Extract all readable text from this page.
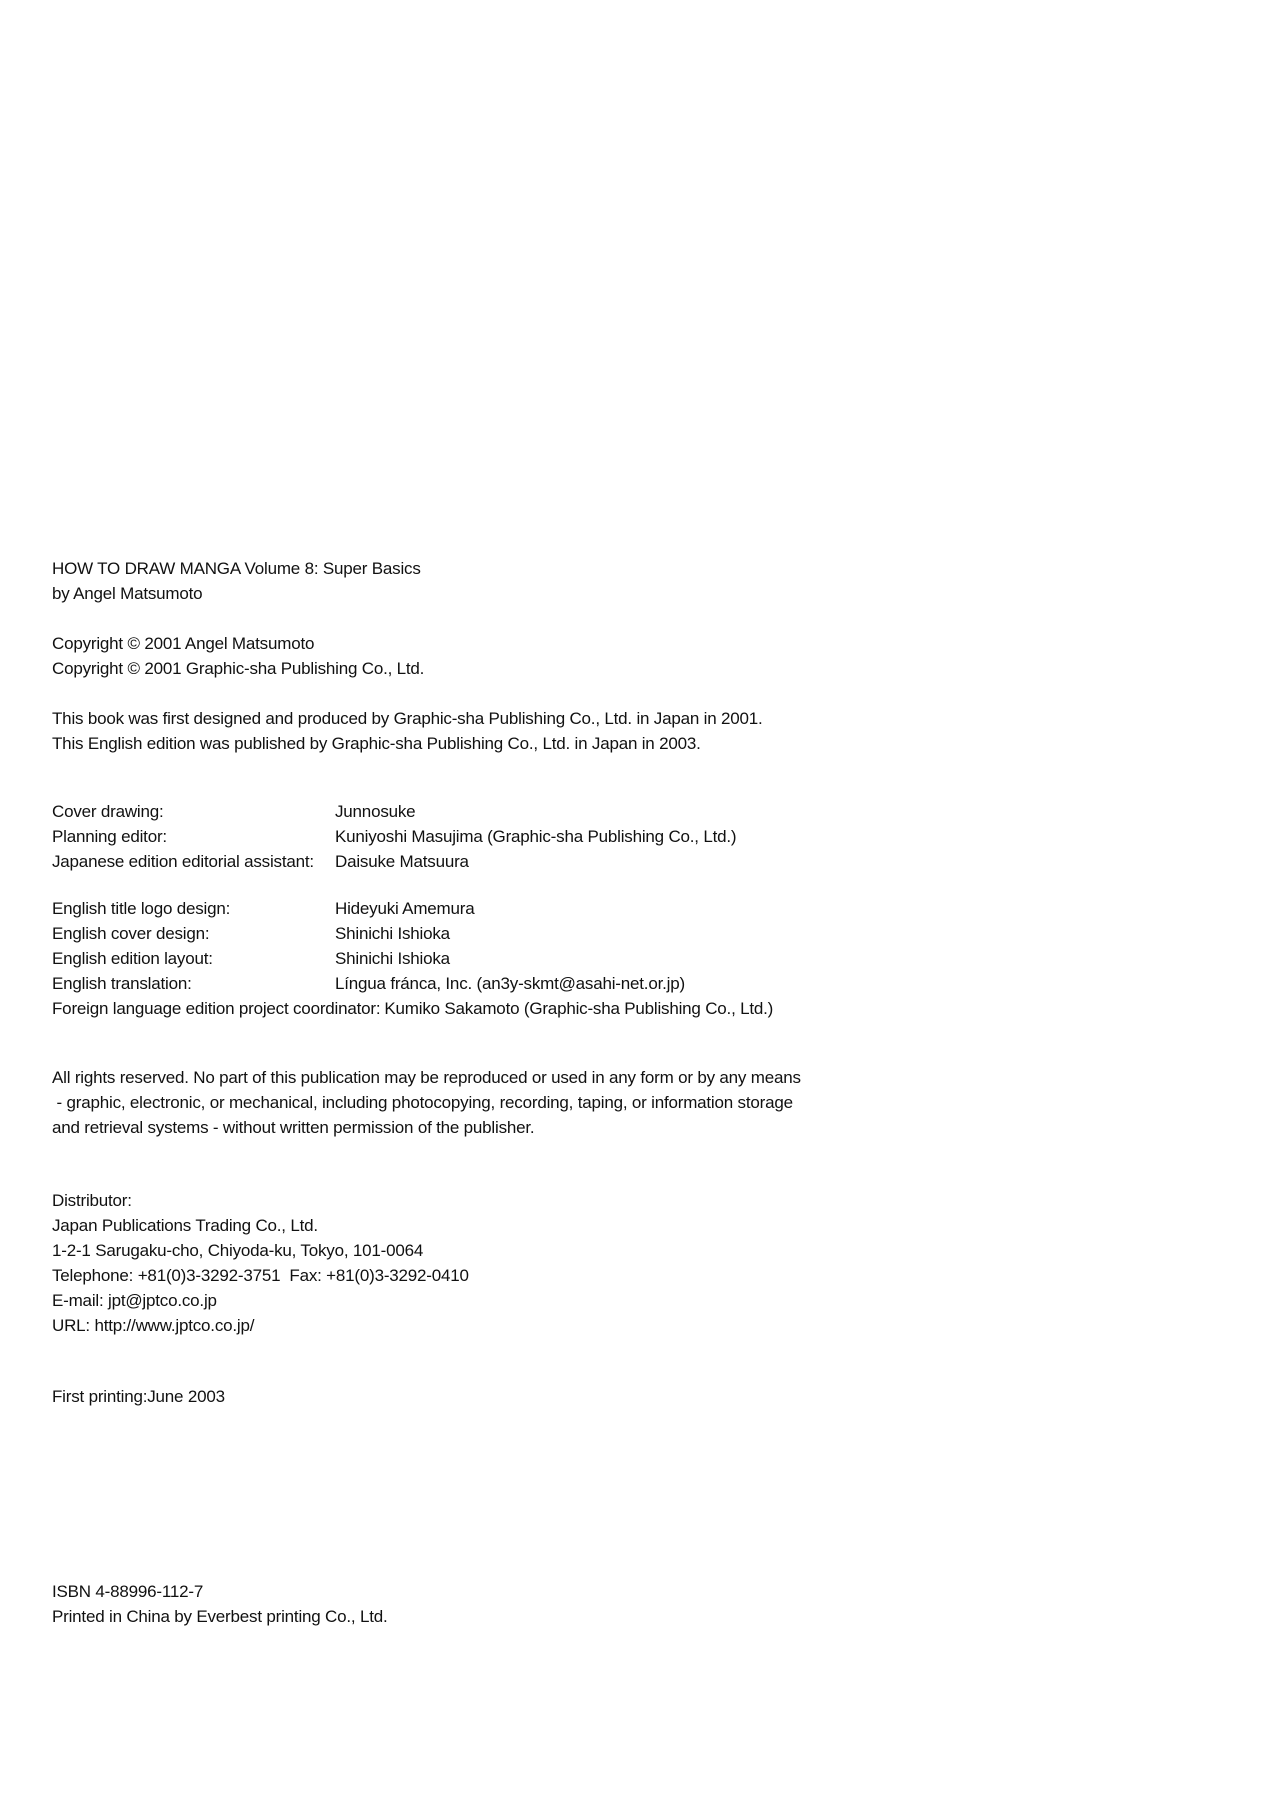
HOW TO DRAW MANGA Volume 8: Super Basics
by Angel Matsumoto
Copyright © 2001 Angel Matsumoto
Copyright © 2001 Graphic-sha Publishing Co., Ltd.
This book was first designed and produced by Graphic-sha Publishing Co., Ltd. in Japan in 2001.
This English edition was published by Graphic-sha Publishing Co., Ltd. in Japan in 2003.
Cover drawing:	Junnosuke
Planning editor:	Kuniyoshi Masujima (Graphic-sha Publishing Co., Ltd.)
Japanese edition editorial assistant:	Daisuke Matsuura
English title logo design:	Hideyuki Amemura
English cover design:	Shinichi Ishioka
English edition layout:	Shinichi Ishioka
English translation:	Língua fránca, Inc. (an3y-skmt@asahi-net.or.jp)
Foreign language edition project coordinator: Kumiko Sakamoto (Graphic-sha Publishing Co., Ltd.)
All rights reserved. No part of this publication may be reproduced or used in any form or by any means
- graphic, electronic, or mechanical, including photocopying, recording, taping, or information storage
and retrieval systems - without written permission of the publisher.
Distributor:
Japan Publications Trading Co., Ltd.
1-2-1 Sarugaku-cho, Chiyoda-ku, Tokyo, 101-0064
Telephone: +81(0)3-3292-3751  Fax: +81(0)3-3292-0410
E-mail: jpt@jptco.co.jp
URL: http://www.jptco.co.jp/
First printing:June 2003
ISBN 4-88996-112-7
Printed in China by Everbest printing Co., Ltd.
